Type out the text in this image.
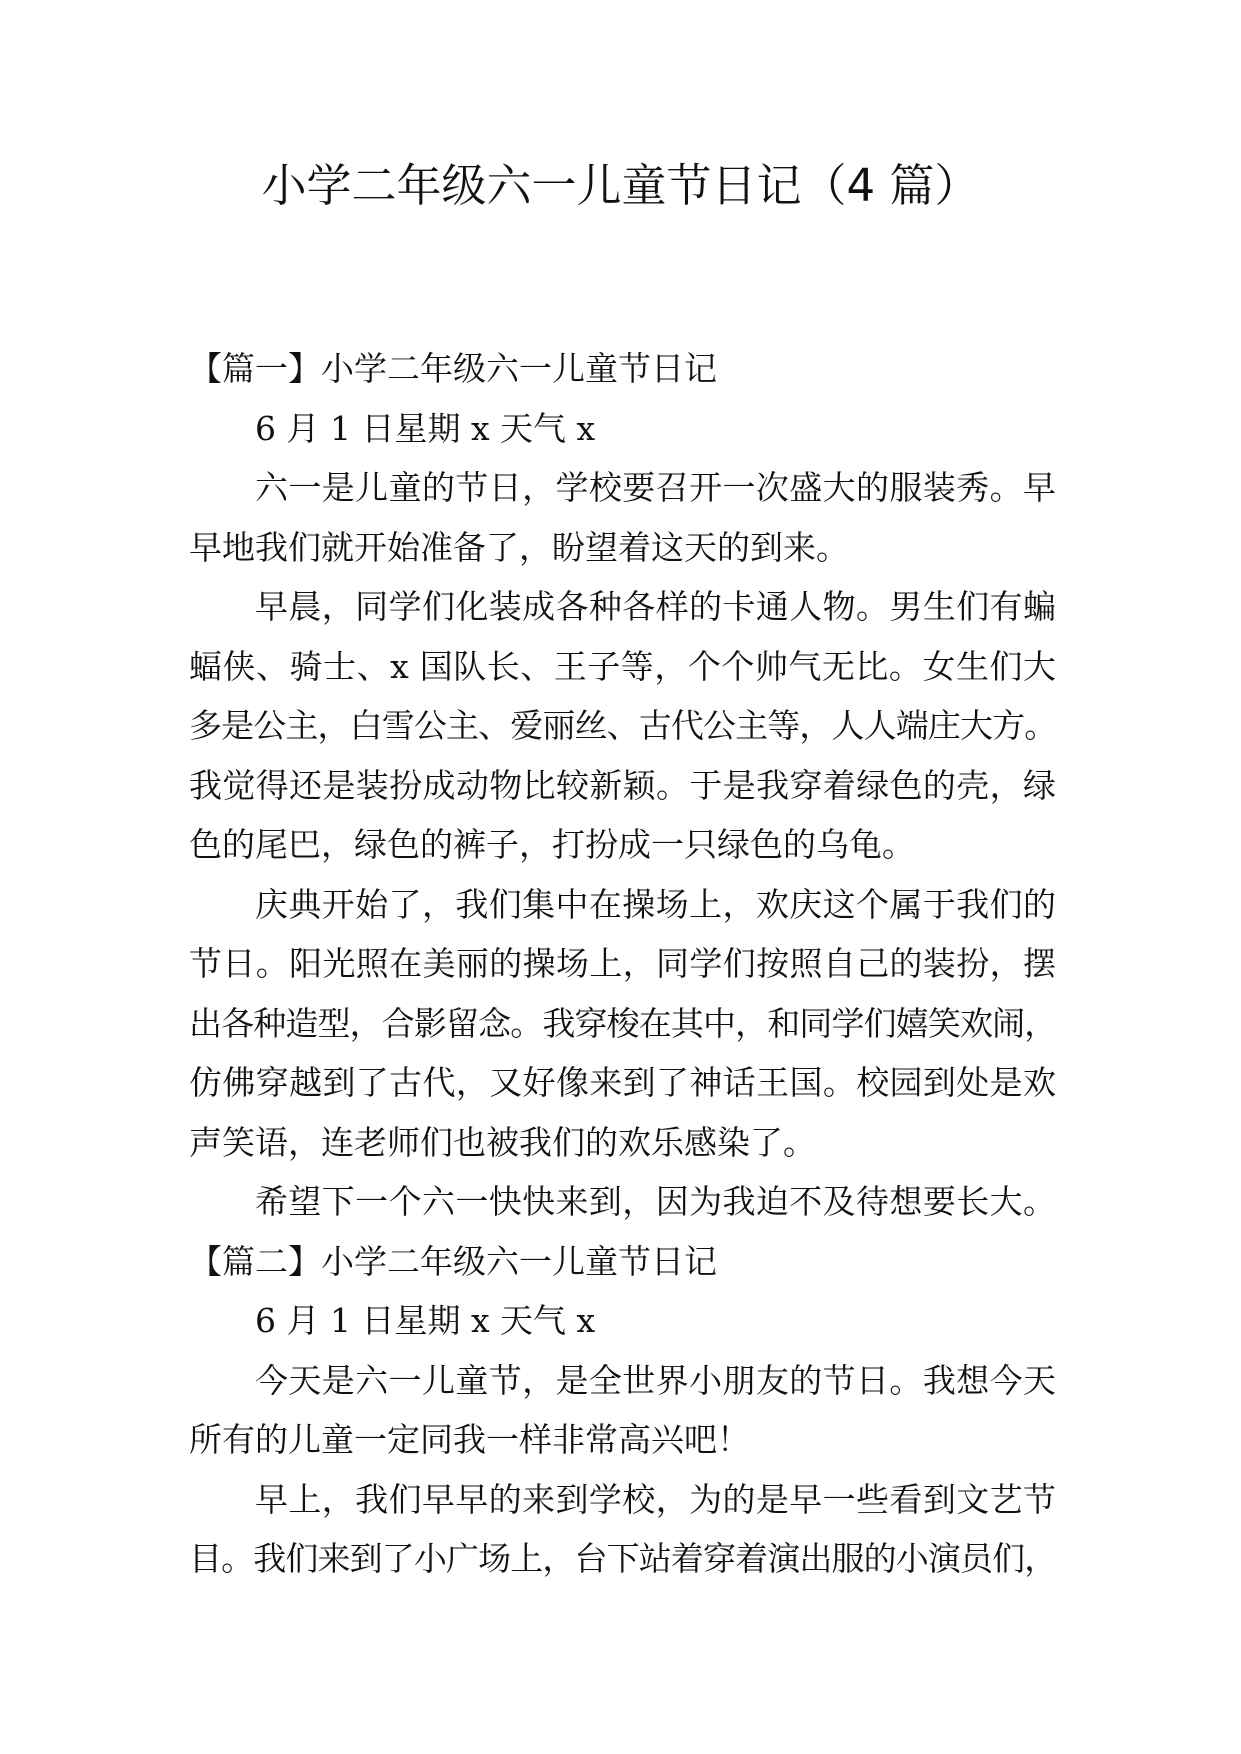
小学二年级六一儿童节日记（4 篇）
【篇一】小学二年级六一儿童节日记
6 月 1 日星期 x 天气 x
六一是儿童的节日，学校要召开一次盛大的服装秀。早
早地我们就开始准备了，盼望着这天的到来。
早晨，同学们化装成各种各样的卡通人物。男生们有蝙
蝠侠、骑士、x 国队长、王子等，个个帅气无比。女生们大
多是公主，白雪公主、爱丽丝、古代公主等，人人端庄大方。
我觉得还是装扮成动物比较新颖。于是我穿着绿色的壳，绿
色的尾巴，绿色的裤子，打扮成一只绿色的乌龟。
庆典开始了，我们集中在操场上，欢庆这个属于我们的
节日。阳光照在美丽的操场上，同学们按照自己的装扮，摆
出各种造型，合影留念。我穿梭在其中，和同学们嬉笑欢闹，
仿佛穿越到了古代，又好像来到了神话王国。校园到处是欢
声笑语，连老师们也被我们的欢乐感染了。
希望下一个六一快快来到，因为我迫不及待想要长大。
【篇二】小学二年级六一儿童节日记
6 月 1 日星期 x 天气 x
今天是六一儿童节，是全世界小朋友的节日。我想今天
所有的儿童一定同我一样非常高兴吧！
早上，我们早早的来到学校，为的是早一些看到文艺节
目。我们来到了小广场上，台下站着穿着演出服的小演员们，
